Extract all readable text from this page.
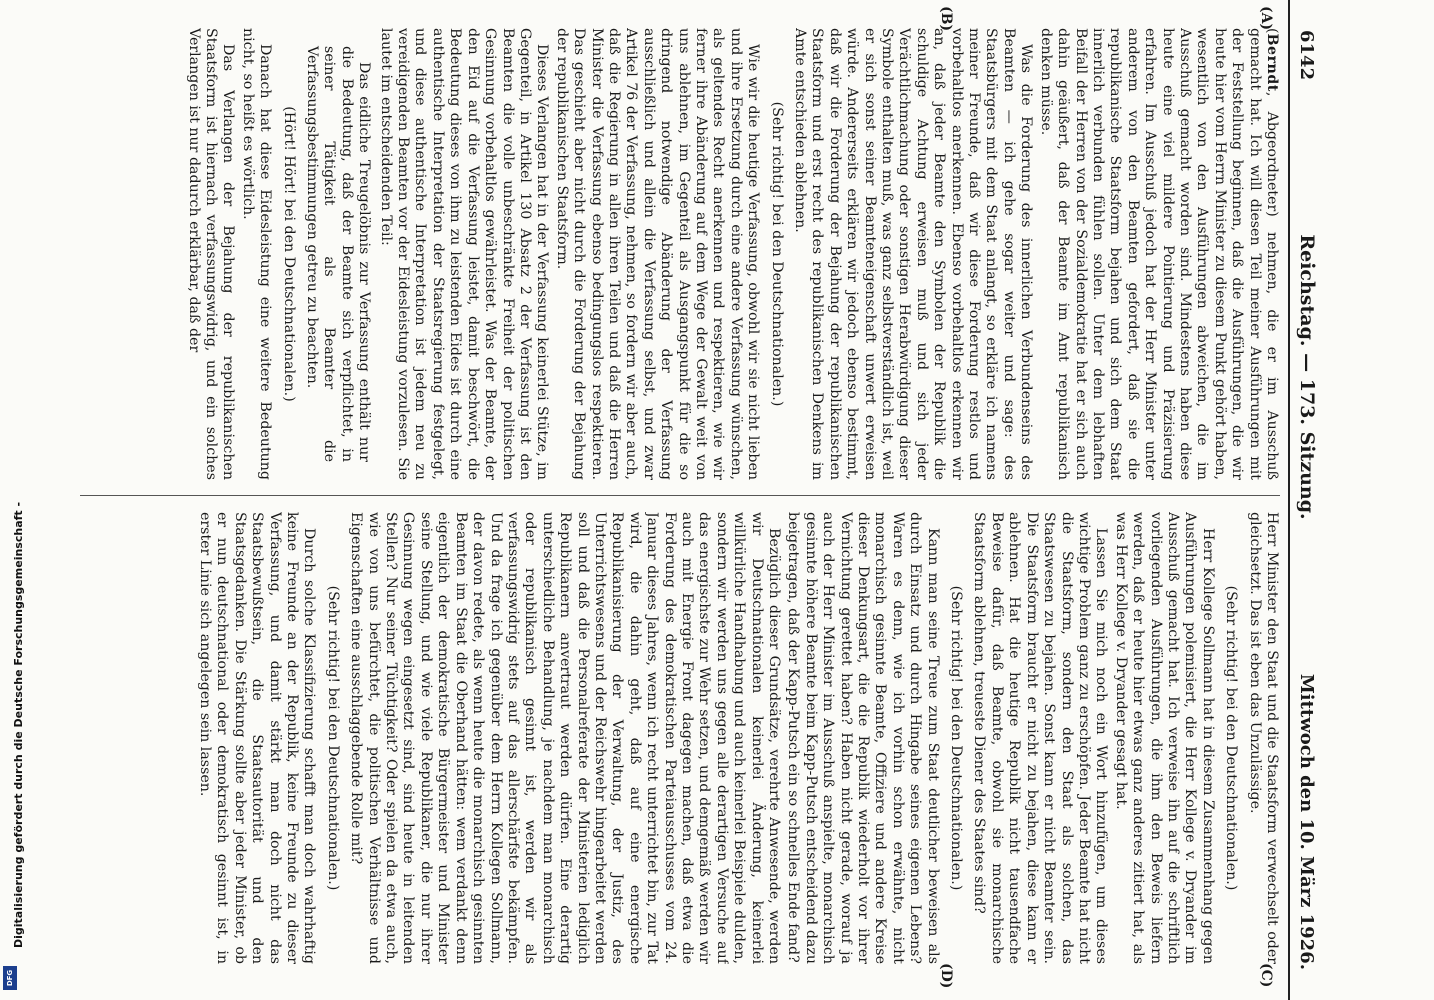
6142
Reichstag. — 173. Sitzung.
Mittwoch den 10. März 1926.
(A)
(B)
(C)
(D)

(Berndt, Abgeordneter) nehmen, die er im Ausschuß gemacht hat. Ich will diesen Teil meiner Ausführungen mit der Feststellung beginnen, daß die Ausführungen, die wir heute hier vom Herrn Minister zu diesem Punkt gehört haben, wesentlich von den Ausführungen abweichen, die im Ausschuß gemacht worden sind. Mindestens haben diese heute eine viel mildere Pointierung und Präzisierung erfahren. Im Ausschuß jedoch hat der Herr Minister unter anderem von den Beamten gefordert, daß sie die republikanische Staatsform bejahen und sich dem Staat innerlich verbunden fühlen sollen. Unter dem lebhaften Beifall der Herren von der Sozialdemokratie hat er sich auch dahin geäußert, daß der Beamte im Amt republikanisch denken müsse.

Was die Forderung des innerlichen Verbundenseins des Beamten — ich gehe sogar weiter und sage: des Staatsbürgers mit dem Staat anlangt, so erkläre ich namens meiner Freunde, daß wir diese Forderung restlos und vorbehaltlos anerkennen. Ebenso vorbehaltlos erkennen wir an, daß jeder Beamte den Symbolen der Republik die schuldige Achtung erweisen muß und sich jeder Verächtlichmachung oder sonstigen Herabwürdigung dieser Symbole enthalten muß, was ganz selbstverständlich ist, weil er sich sonst seiner Beamteneigenschaft unwert erweisen würde. Andererseits erklären wir jedoch ebenso bestimmt, daß wir die Forderung der Bejahung der republikanischen Staatsform und erst recht des republikanischen Denkens im Amte entschieden ablehnen.

(Sehr richtig! bei den Deutschnationalen.)

Wie wir die heutige Verfassung, obwohl wir sie nicht lieben und ihre Ersetzung durch eine andere Verfassung wünschen, als geltendes Recht anerkennen und respektieren, wie wir ferner ihre Abänderung auf dem Wege der Gewalt weit von uns ablehnen, im Gegenteil als Ausgangspunkt für die so dringend notwendige Abänderung der Verfassung ausschließlich und allein die Verfassung selbst, und zwar Artikel 76 der Verfassung, nehmen, so fordern wir aber auch, daß die Regierung in allen ihren Teilen und daß die Herren Minister die Verfassung ebenso bedingungslos respektieren. Das geschieht aber nicht durch die Forderung der Bejahung der republikanischen Staatsform.

Dieses Verlangen hat in der Verfassung keinerlei Stütze, im Gegenteil, in Artikel 130 Absatz 2 der Verfassung ist den Beamten die volle unbeschränkte Freiheit der politischen Gesinnung vorbehaltlos gewährleistet. Was der Beamte, der den Eid auf die Verfassung leistet, damit beschwört, die Bedeutung dieses von ihm zu leistenden Eides ist durch eine authentische Interpretation der Staatsregierung festgelegt, und diese authentische Interpretation ist jedem neu zu vereidigenden Beamten vor der Eidesleistung vorzulesen. Sie lautet im entscheidenden Teil:

Das eidliche Treugelöbnis zur Verfassung enthält nur die Bedeutung, daß der Beamte sich verpflichtet, in seiner Tätigkeit als Beamter die Verfassungsbestimmungen getreu zu beachten.

(Hört! Hört! bei den Deutschnationalen.)

Danach hat diese Eidesleistung eine weitere Bedeutung nicht, so heißt es wörtlich.

Das Verlangen der Bejahung der republikanischen Staatsform ist hiernach verfassungswidrig, und ein solches Verlangen ist nur dadurch erklärbar, daß der

Herr Minister den Staat und die Staatsform verwechselt oder gleichsetzt. Das ist eben das Unzulässige.

(Sehr richtig! bei den Deutschnationalen.)

Herr Kollege Sollmann hat in diesem Zusammenhang gegen Ausführungen polemisiert, die Herr Kollege v. Dryander im Ausschuß gemacht hat. Ich verweise ihn auf die schriftlich vorliegenden Ausführungen, die ihm den Beweis liefern werden, daß er heute hier etwas ganz anderes zitiert hat, als was Herr Kollege v. Dryander gesagt hat.

Lassen Sie mich noch ein Wort hinzufügen, um dieses wichtige Problem ganz zu erschöpfen. Jeder Beamte hat nicht die Staatsform, sondern den Staat als solchen, das Staatswesen zu bejahen. Sonst kann er nicht Beamter sein. Die Staatsform braucht er nicht zu bejahen, diese kann er ablehnen. Hat die heutige Republik nicht tausendfache Beweise dafür, daß Beamte, obwohl sie monarchische Staatsform ablehnen, treueste Diener des Staates sind?

(Sehr richtig! bei den Deutschnationalen.)

Kann man seine Treue zum Staat deutlicher beweisen als durch Einsatz und durch Hingabe seines eigenen Lebens? Waren es denn, wie ich vorhin schon erwähnte, nicht monarchisch gesinnte Beamte, Offiziere und andere Kreise dieser Denkungsart, die die Republik wiederholt vor ihrer Vernichtung gerettet haben? Haben nicht gerade, worauf ja auch der Herr Minister im Ausschuß anspielte, monarchisch gesinnte höhere Beamte beim Kapp-Putsch entscheidend dazu beigetragen, daß der Kapp-Putsch ein so schnelles Ende fand?

Bezüglich dieser Grundsätze, verehrte Anwesende, werden wir Deutschnationalen keinerlei Änderung, keinerlei willkürliche Handhabung und auch keinerlei Beispiele dulden, sondern wir werden uns gegen alle derartigen Versuche auf das energischste zur Wehr setzen, und demgemäß werden wir auch mit Energie Front dagegen machen, daß etwa die Forderung des demokratischen Parteiausschusses vom 24. Januar dieses Jahres, wenn ich recht unterrichtet bin, zur Tat wird, die dahin geht, daß auf eine energische Republikanisierung der Verwaltung, der Justiz, des Unterrichtswesens und der Reichswehr hingearbeitet werden soll und daß die Personalreferate der Ministerien lediglich Republikanern anvertraut werden dürfen. Eine derartig unterschiedliche Behandlung, je nachdem man monarchisch oder republikanisch gesinnt ist, werden wir als verfassungswidrig stets auf das allerschärfste bekämpfen. Und da frage ich gegenüber dem Herrn Kollegen Sollmann, der davon redete, als wenn heute die monarchisch gesinnten Beamten im Staat die Oberhand hätten: wem verdankt denn eigentlich der demokratische Bürgermeister und Minister seine Stellung, und wie viele Republikaner, die nur ihrer Gesinnung wegen eingesetzt sind, sind heute in leitenden Stellen? Nur seiner Tüchtigkeit? Oder spielen da etwa auch, wie von uns befürchtet, die politischen Verhältnisse und Eigenschaften eine ausschlaggebende Rolle mit?

(Sehr richtig! bei den Deutschnationalen.)

Durch solche Klassifizierung schafft man doch wahrhaftig keine Freunde an der Republik, keine Freunde zu dieser Verfassung, und damit stärkt man doch nicht das Staatsbewußtsein, die Staatsautorität und den Staatsgedanken. Die Stärkung sollte aber jeder Minister, ob er nun deutschnational oder demokratisch gesinnt ist, in erster Linie sich angelegen sein lassen.

Digitalisierung gefördert durch die Deutsche Forschungsgemeinschaft -
DFG
